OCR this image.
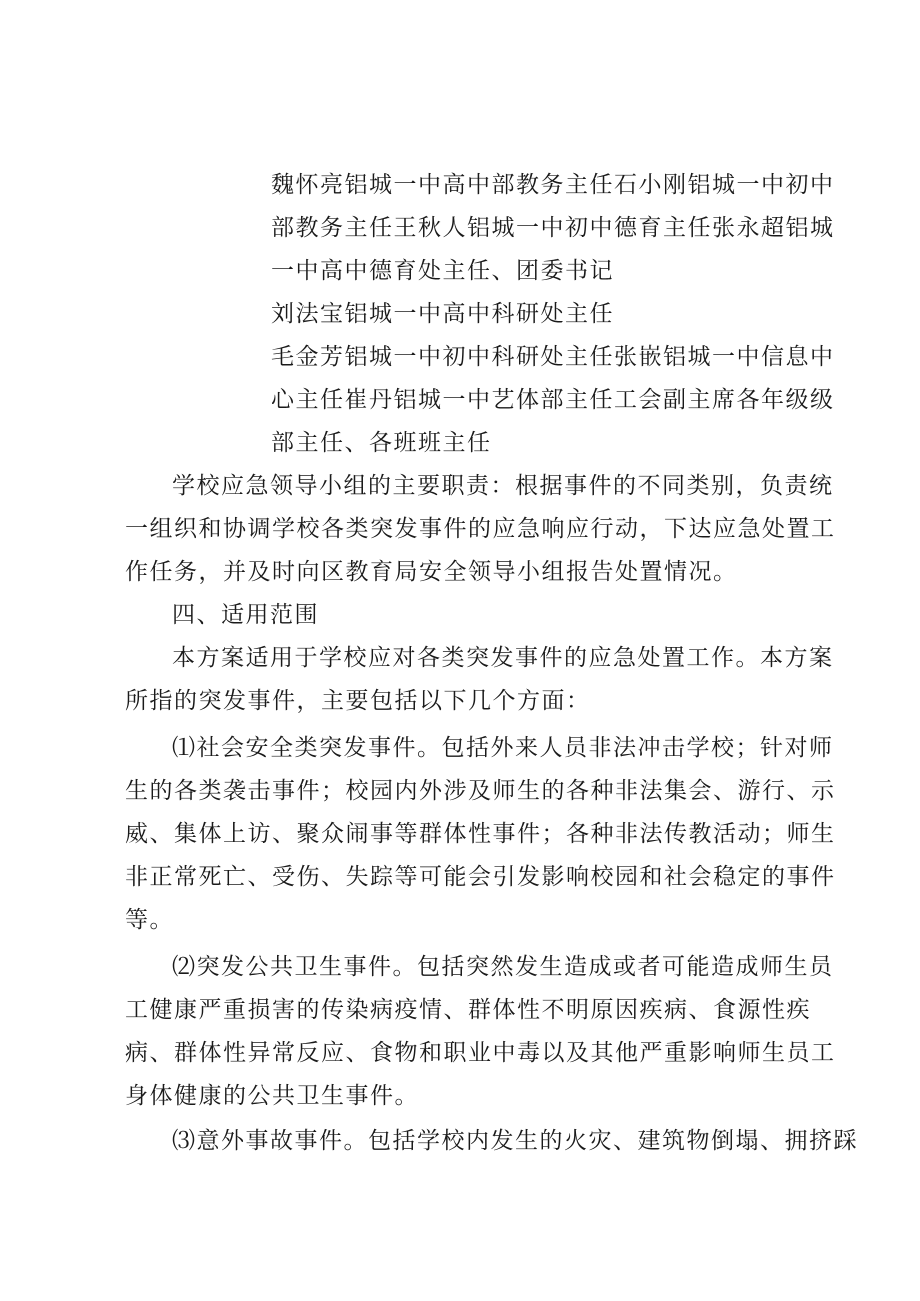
魏怀亮铝城一中高中部教务主任石小刚铝城一中初中
部教务主任王秋人铝城一中初中德育主任张永超铝城
一中高中德育处主任、团委书记
刘法宝铝城一中高中科研处主任
毛金芳铝城一中初中科研处主任张嵌铝城一中信息中
心主任崔丹铝城一中艺体部主任工会副主席各年级级
部主任、各班班主任
学校应急领导小组的主要职责：根据事件的不同类别，负责统
一组织和协调学校各类突发事件的应急响应行动，下达应急处置工
作任务，并及时向区教育局安全领导小组报告处置情况。
四、适用范围
本方案适用于学校应对各类突发事件的应急处置工作。本方案
所指的突发事件，主要包括以下几个方面：
⑴社会安全类突发事件。包括外来人员非法冲击学校；针对师
生的各类袭击事件；校园内外涉及师生的各种非法集会、游行、示
威、集体上访、聚众闹事等群体性事件；各种非法传教活动；师生
非正常死亡、受伤、失踪等可能会引发影响校园和社会稳定的事件
等。
⑵突发公共卫生事件。包括突然发生造成或者可能造成师生员
工健康严重损害的传染病疫情、群体性不明原因疾病、食源性疾
病、群体性异常反应、食物和职业中毒以及其他严重影响师生员工
身体健康的公共卫生事件。
⑶意外事故事件。包括学校内发生的火灾、建筑物倒塌、拥挤踩
